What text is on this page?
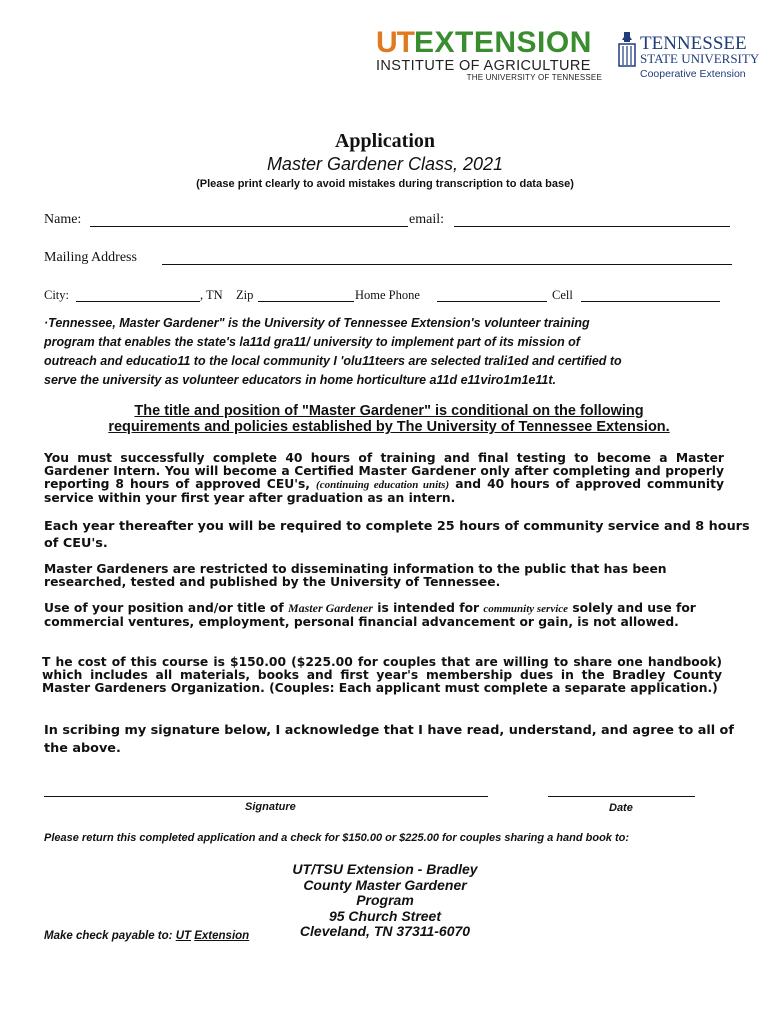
UTEXTENSION
INSTITUTE OF AGRICULTURE
THE UNIVERSITY OF TENNESSEE
TENNESSEE
STATE UNIVERSITY
Cooperative Extension
Application
Master Gardener Class, 2021
(Please print clearly to avoid mistakes during transcription to data base)
Name:	email:
Mailing Address
City:	, TN Zip	Home Phone	Cell
·Tennessee, Master Gardener" is the University of Tennessee Extension's volunteer training
program that enables the state's la11d gra11/ university to implement part of its mission of
outreach and educatio11 to the local community I 'olu11teers are selected trali1ed and certified to
serve the university as volunteer educators in home horticulture a11d e11viro1m1e11t.
The title and position of "Master Gardener" is conditional on the following
requirements and policies established by The University of Tennessee Extension.
You must successfully complete 40 hours of training and final testing to become a Master Gardener Intern. You will become a Certified Master Gardener only after completing and properly reporting 8 hours of approved CEU's, (continuing education units) and 40 hours of approved community service within your first year after graduation as an intern.
Each year thereafter you will be required to complete 25 hours of community service and 8 hours of CEU's.
Master Gardeners are restricted to disseminating information to the public that has been researched, tested and published by the University of Tennessee.
Use of your position and/or title of Master Gardener is intended for community service solely and use for commercial ventures, employment, personal financial advancement or gain, is not allowed.
T he cost of this course is $150.00 ($225.00 for couples that are willing to share one handbook) which includes all materials, books and first year's membership dues in the Bradley County Master Gardeners Organization. (Couples: Each applicant must complete a separate application.)
In scribing my signature below, I acknowledge that I have read, understand, and agree to all of the above.
Signature	Date
Please return this completed application and a check for $150.00 or $225.00 for couples sharing a hand book to:
UT/TSU Extension - Bradley
County Master Gardener
Program
95 Church Street
Cleveland, TN 37311-6070
Make check payable to: UT Extension
